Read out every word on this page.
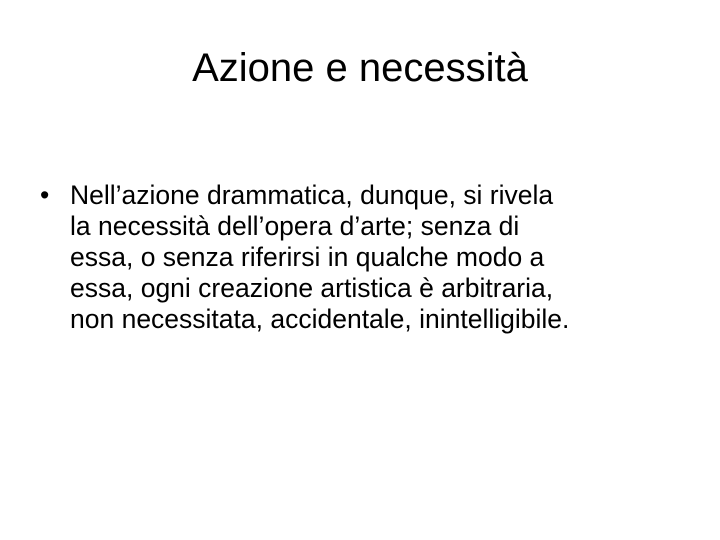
Azione e necessità
• Nell’azione drammatica, dunque, si rivela
la necessità dell’opera d’arte; senza di
essa, o senza riferirsi in qualche modo a
essa, ogni creazione artistica è arbitraria,
non necessitata, accidentale, inintelligibile.
